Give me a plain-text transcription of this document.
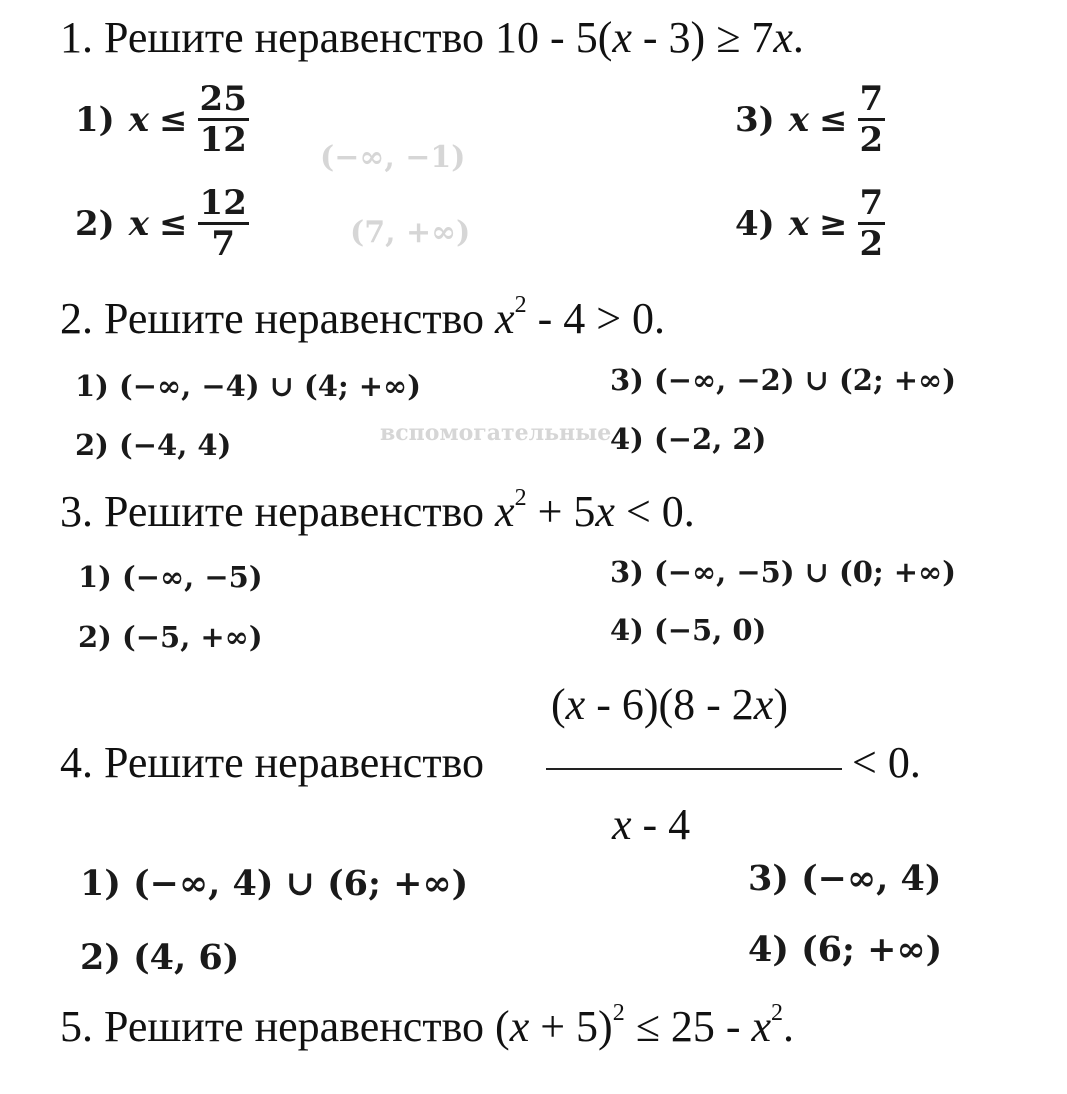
(−∞, −1)
(7, +∞)
вспомогательные
1. Решите неравенство 10 - 5(x - 3) ≥ 7x.
1) $x \le \frac{25}{12}$
2) $x \le \frac{12}{7}$
3) $x \le \frac{7}{2}$
4) $x \ge \frac{7}{2}$
2. Решите неравенство $x^2 - 4 > 0$.
1) (−∞, −4) ∪ (4; +∞)
2) (−4, 4)
3) (−∞, −2) ∪ (2; +∞)
4) (−2, 2)
3. Решите неравенство $x^2 + 5x < 0$.
1) (−∞, −5)
2) (−5, +∞)
3) (−∞, −5) ∪ (0; +∞)
4) (−5, 0)
(x - 6)(8 - 2x)
4. Решите неравенство	< 0.
x - 4
1) (−∞, 4) ∪ (6; +∞)
2) (4, 6)
3) (−∞, 4)
4) (6; +∞)
5. Решите неравенство $(x + 5)^2 \le 25 - x^2$.
